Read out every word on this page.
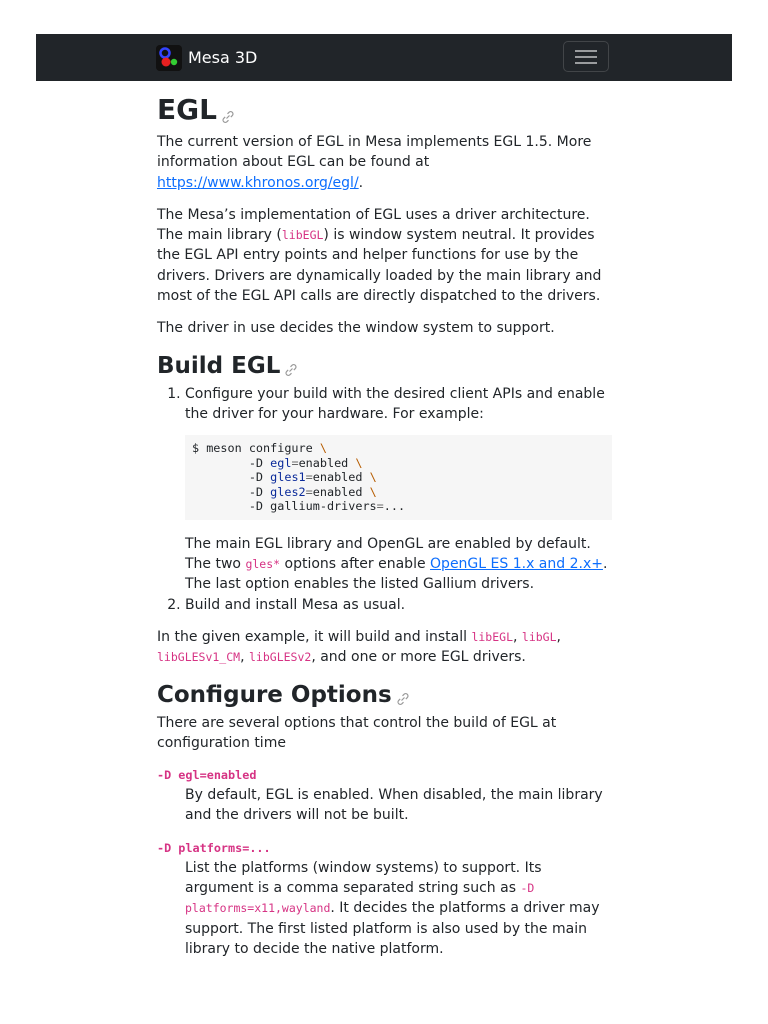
Mesa 3D
EGL

The current version of EGL in Mesa implements EGL 1.5. More information about EGL can be found at https://www.khronos.org/egl/.

The Mesa’s implementation of EGL uses a driver architecture. The main library (libEGL) is window system neutral. It provides the EGL API entry points and helper functions for use by the drivers. Drivers are dynamically loaded by the main library and most of the EGL API calls are directly dispatched to the drivers.

The driver in use decides the window system to support.

Build EGL
1. Configure your build with the desired client APIs and enable the driver for your hardware. For example:
$ meson configure \
-D egl=enabled \
-D gles1=enabled \
-D gles2=enabled \
-D gallium-drivers=...
The main EGL library and OpenGL are enabled by default. The two gles* options after enable OpenGL ES 1.x and 2.x+. The last option enables the listed Gallium drivers.
2. Build and install Mesa as usual.

In the given example, it will build and install libEGL, libGL, libGLESv1_CM, libGLESv2, and one or more EGL drivers.

Configure Options

There are several options that control the build of EGL at configuration time

-D egl=enabled
By default, EGL is enabled. When disabled, the main library and the drivers will not be built.
-D platforms=...
List the platforms (window systems) to support. Its argument is a comma separated string such as -D platforms=x11,wayland. It decides the platforms a driver may support. The first listed platform is also used by the main library to decide the native platform.
